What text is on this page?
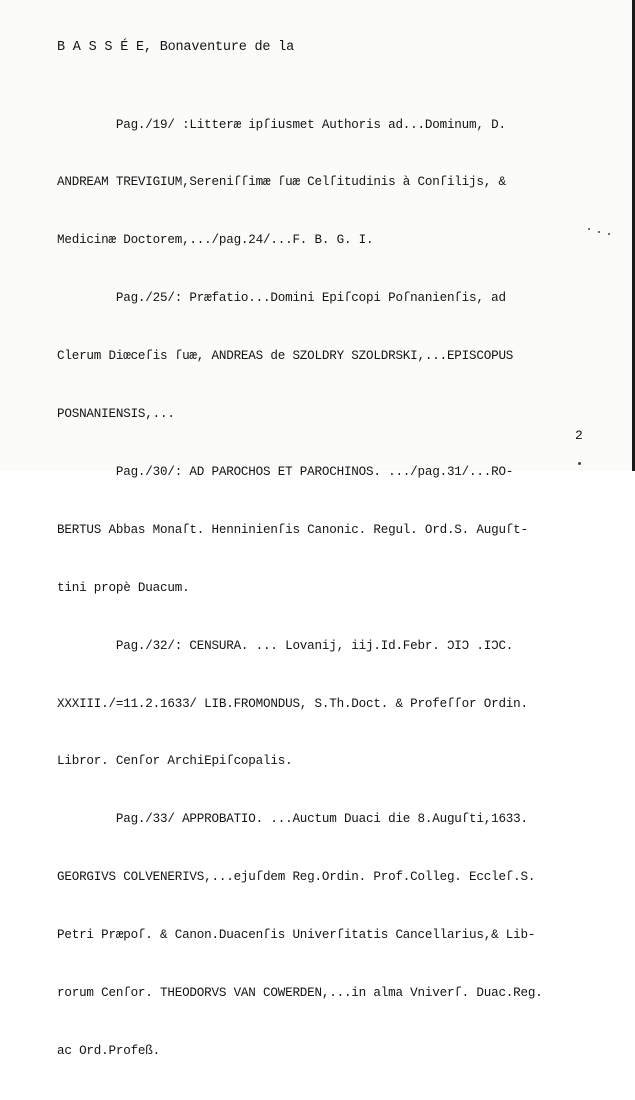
B A S S É E, Bonaventure de la

Pag./19/ :Litteræ ipſiusmet Authoris ad...Dominum, D.

ANDREAM TREVIGIUM,Sereniſſimæ ſuæ Celſitudinis à Conſilijs, &

Medicinæ Doctorem,.../pag.24/...F. B. G. I.

Pag./25/: Præfatio...Domini Epiſcopi Poſnanienſis, ad

Clerum Diœceſis ſuæ, ANDREAS de SZOLDRY SZOLDRSKI,...EPISCOPUS

POSNANIENSIS,...

Pag./30/: AD PAROCHOS ET PAROCHINOS. .../pag.31/...RO-

BERTUS Abbas Monaſt. Henninienſis Canonic. Regul. Ord.S. Auguſt-

tini propè Duacum.

Pag./32/: CENSURA. ... Lovanij, iij.Id.Febr. ƆIƆ .IƆC.

XXXIII./=11.2.1633/ LIB.FROMONDUS, S.Th.Doct. & Profeſſor Ordin.

Libror. Cenſor ArchiEpiſcopalis.

Pag./33/ APPROBATIO. ...Auctum Duaci die 8.Auguſti,1633.

GEORGIVS COLVENERIVS,...ejuſdem Reg.Ordin. Prof.Colleg. Eccleſ.S.

Petri Præpoſ. & Canon.Duacenſis Univerſitatis Cancellarius,& Lib-

rorum Cenſor. THEODORVS VAN COWERDEN,...in alma Vniverſ. Duac.Reg.

ac Ord.Profeß.

2
